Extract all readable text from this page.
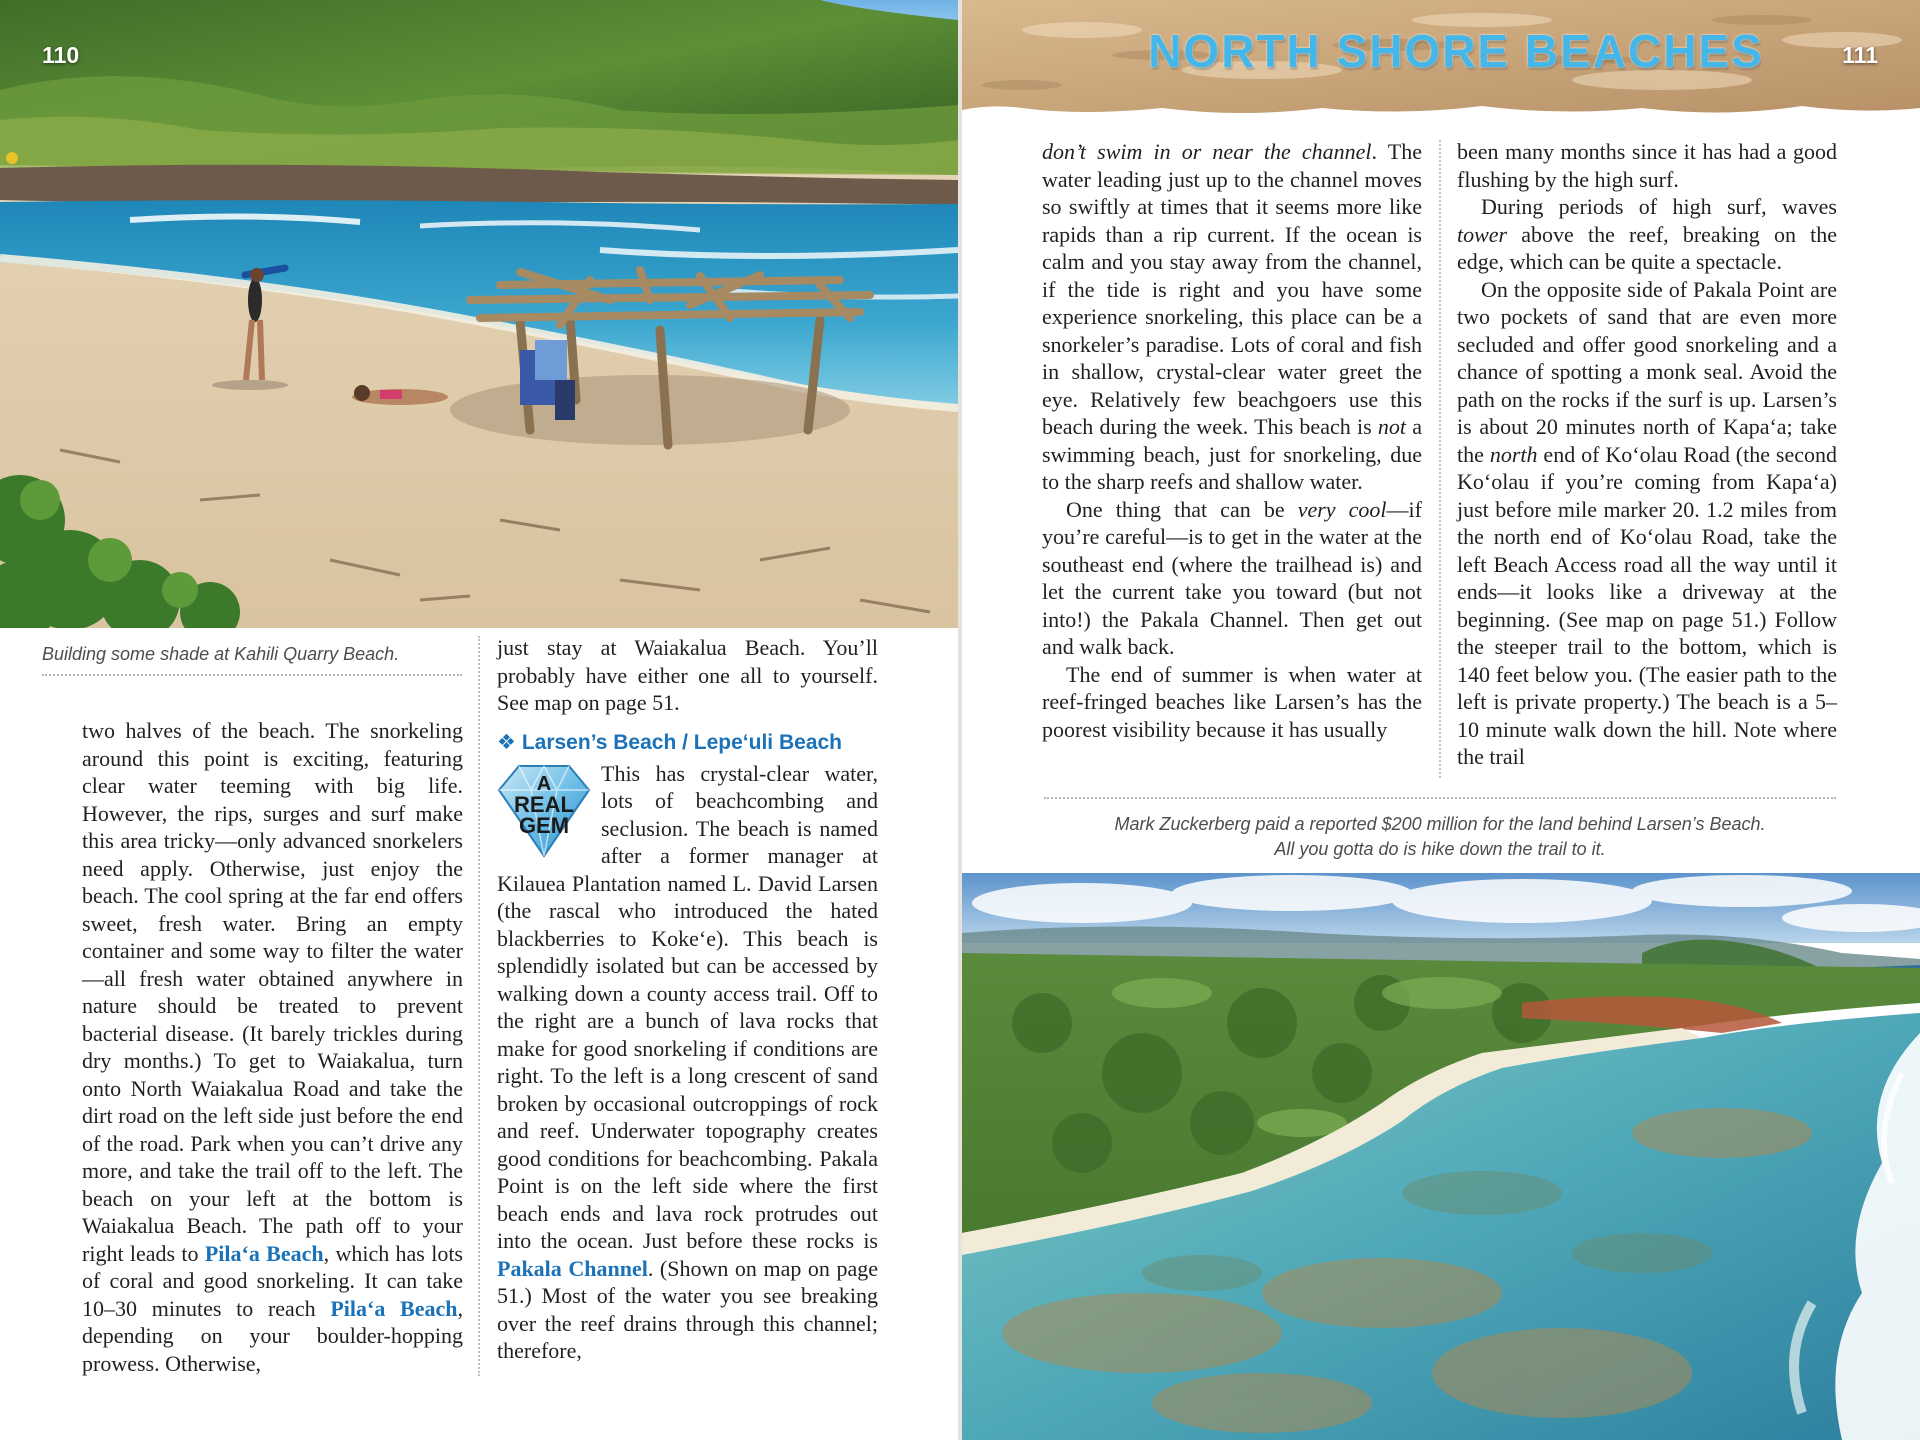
110
Building some shade at Kahili Quarry Beach.

two halves of the beach. The snorkeling around this point is exciting, featuring clear water teeming with big life. However, the rips, surges and surf make this area tricky—only advanced snorkelers need apply. Otherwise, just enjoy the beach. The cool spring at the far end offers sweet, fresh water. Bring an empty container and some way to filter the water—all fresh water obtained anywhere in nature should be treated to prevent bacterial disease. (It barely trickles during dry months.) To get to Waiakalua, turn onto North Waiakalua Road and take the dirt road on the left side just before the end of the road. Park when you can’t drive any more, and take the trail off to the left. The beach on your left at the bottom is Waiakalua Beach. The path off to your right leads to Pila‘a Beach, which has lots of coral and good snorkeling. It can take 10–30 minutes to reach Pila‘a Beach, depending on your boulder-hopping prowess. Otherwise,

just stay at Waiakalua Beach. You’ll probably have either one all to yourself. See map on page 51.

❖ Larsen’s Beach / Lepe‘uli Beach

A
REAL
GEM
This has crystal-clear water, lots of beachcombing and seclusion. The beach is named after a former manager at Kilauea Plantation named L. David Larsen (the rascal who introduced the hated blackberries to Koke‘e). This beach is splendidly isolated but can be accessed by walking down a county access trail. Off to the right are a bunch of lava rocks that make for good snorkeling if conditions are right. To the left is a long crescent of sand broken by occasional outcroppings of rock and reef. Underwater topography creates good conditions for beachcombing. Pakala Point is on the left side where the first beach ends and lava rock protrudes out into the ocean. Just before these rocks is Pakala Channel. (Shown on map on page 51.) Most of the water you see breaking over the reef drains through this channel; therefore,

NORTH SHORE BEACHES	111

don’t swim in or near the channel. The water leading just up to the channel moves so swiftly at times that it seems more like rapids than a rip current. If the ocean is calm and you stay away from the channel, if the tide is right and you have some experience snorkeling, this place can be a snorkeler’s paradise. Lots of coral and fish in shallow, crystal-clear water greet the eye. Relatively few beachgoers use this beach during the week. This beach is not a swimming beach, just for snorkeling, due to the sharp reefs and shallow water.

One thing that can be very cool—if you’re careful—is to get in the water at the southeast end (where the trailhead is) and let the current take you toward (but not into!) the Pakala Channel. Then get out and walk back.

The end of summer is when water at reef-fringed beaches like Larsen’s has the poorest visibility because it has usually

been many months since it has had a good flushing by the high surf.

During periods of high surf, waves tower above the reef, breaking on the edge, which can be quite a spectacle.

On the opposite side of Pakala Point are two pockets of sand that are even more secluded and offer good snorkeling and a chance of spotting a monk seal. Avoid the path on the rocks if the surf is up. Larsen’s is about 20 minutes north of Kapa‘a; take the north end of Ko‘olau Road (the second Ko‘olau if you’re coming from Kapa‘a) just before mile marker 20. 1.2 miles from the north end of Ko‘olau Road, take the left Beach Access road all the way until it ends—it looks like a driveway at the beginning. (See map on page 51.) Follow the steeper trail to the bottom, which is 140 feet below you. (The easier path to the left is private property.) The beach is a 5–10 minute walk down the hill. Note where the trail

Mark Zuckerberg paid a reported $200 million for the land behind Larsen’s Beach.
All you gotta do is hike down the trail to it.
